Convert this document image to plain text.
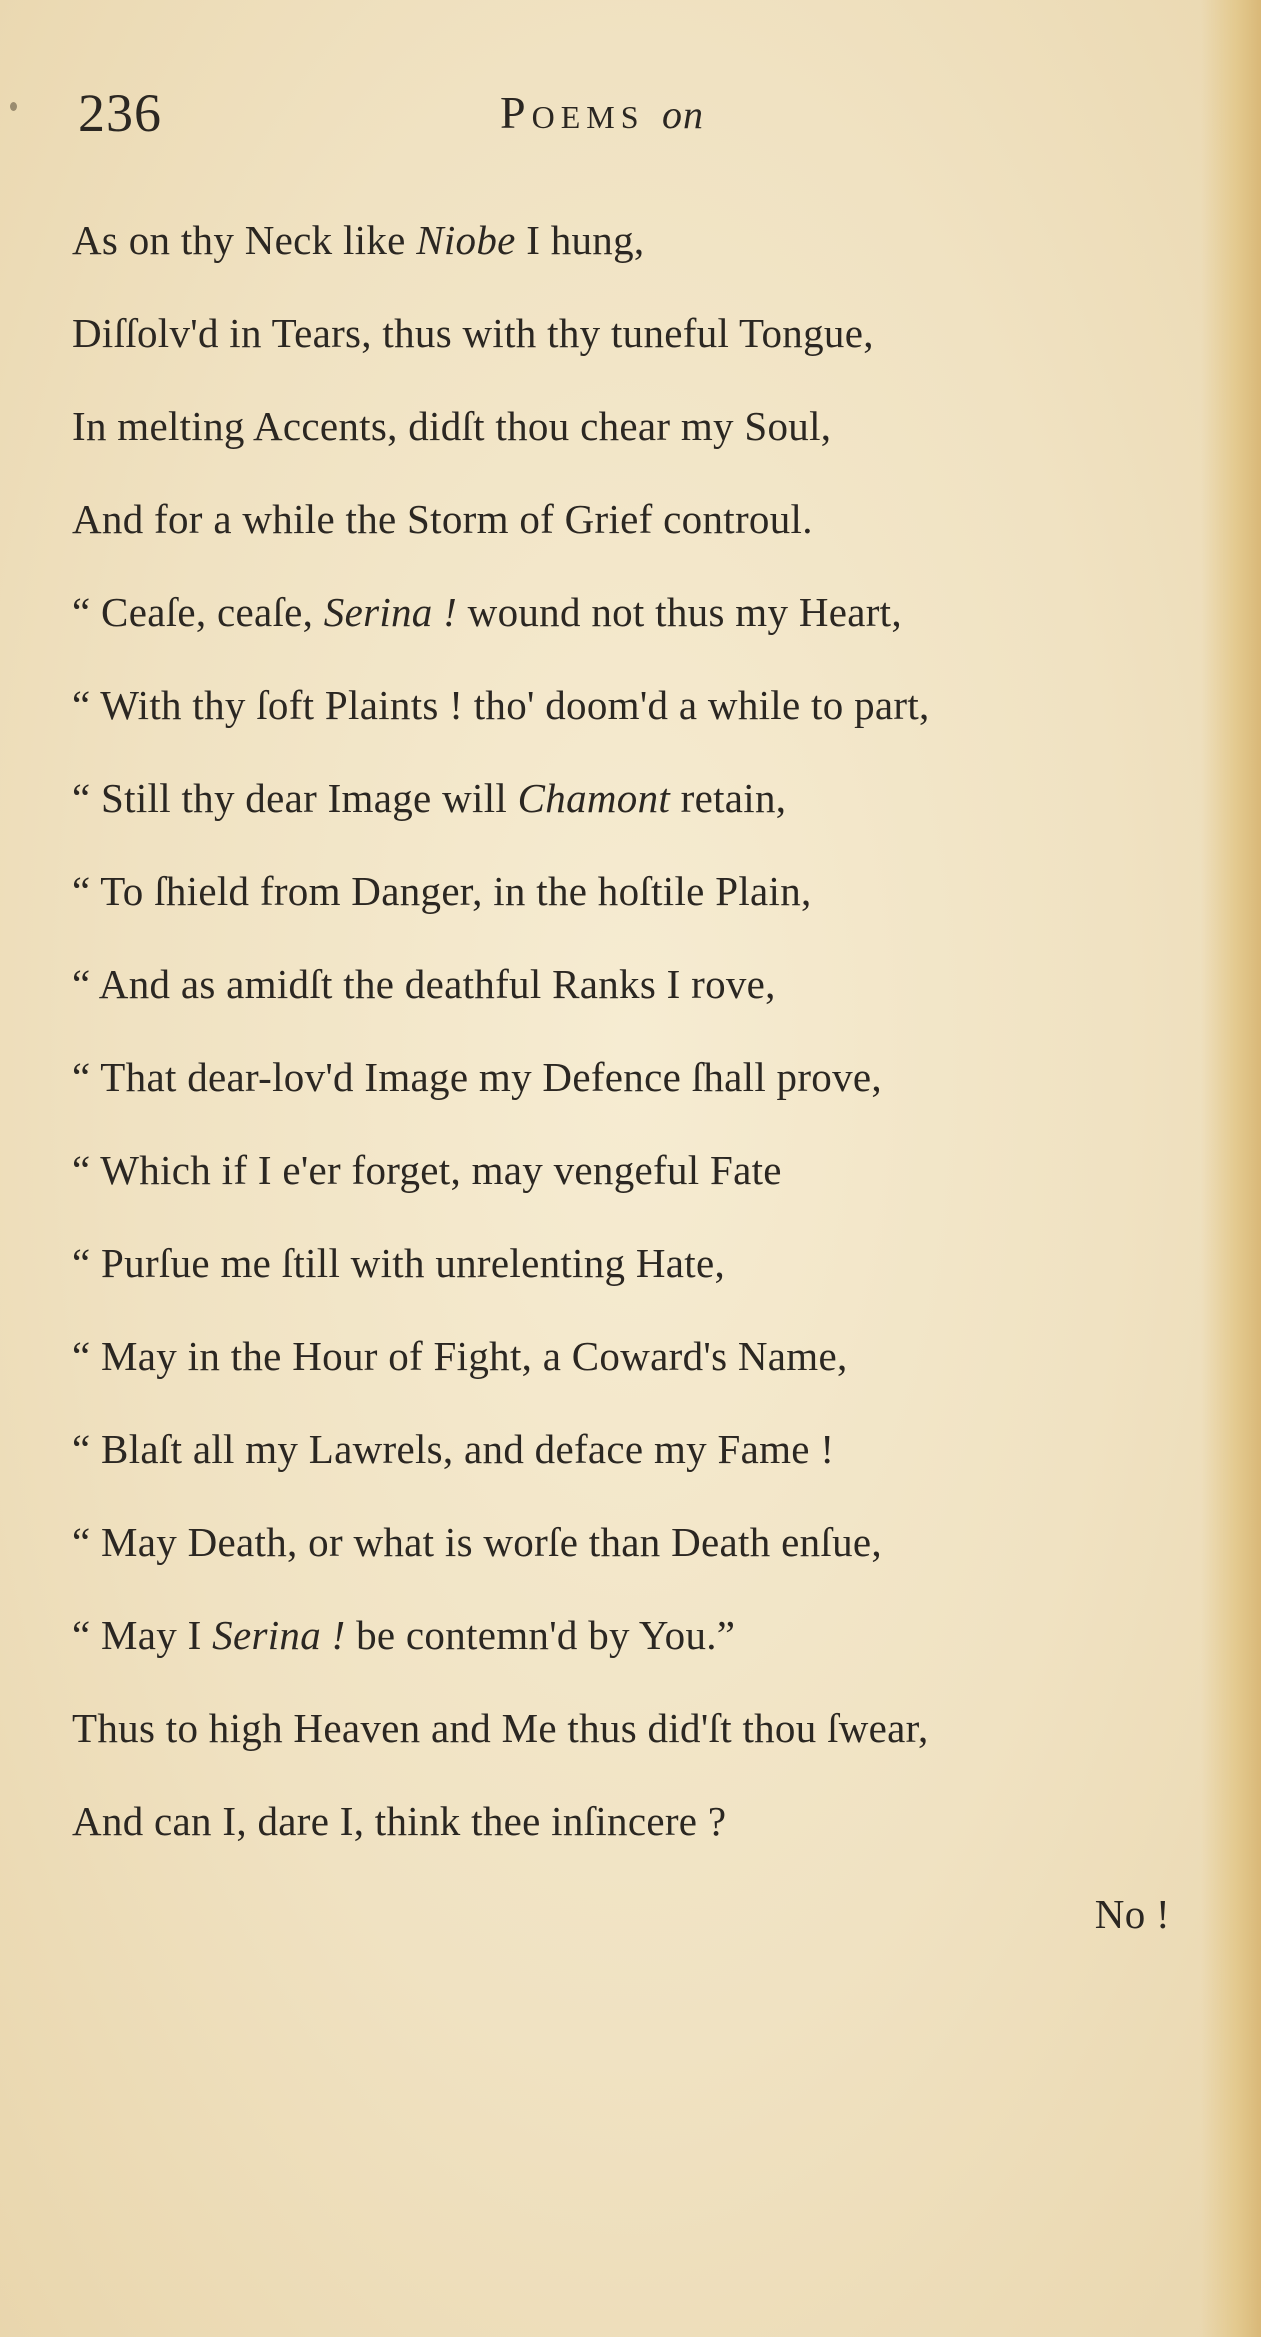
236	Poems on
As on thy Neck like Niobe I hung,
Diſſolv'd in Tears, thus with thy tuneful Tongue,
In melting Accents, didſt thou chear my Soul,
And for a while the Storm of Grief controul.
“ Ceaſe, ceaſe, Serina ! wound not thus my Heart,
“ With thy ſoft Plaints ! tho' doom'd a while to part,
“ Still thy dear Image will Chamont retain,
“ To ſhield from Danger, in the hoſtile Plain,
“ And as amidſt the deathful Ranks I rove,
“ That dear-lov'd Image my Defence ſhall prove,
“ Which if I e'er forget, may vengeful Fate
“ Purſue me ſtill with unrelenting Hate,
“ May in the Hour of Fight, a Coward's Name,
“ Blaſt all my Lawrels, and deface my Fame !
“ May Death, or what is worſe than Death enſue,
“ May I Serina ! be contemn'd by You.”
Thus to high Heaven and Me thus did'ſt thou ſwear,
And can I, dare I, think thee inſincere ?
No !
